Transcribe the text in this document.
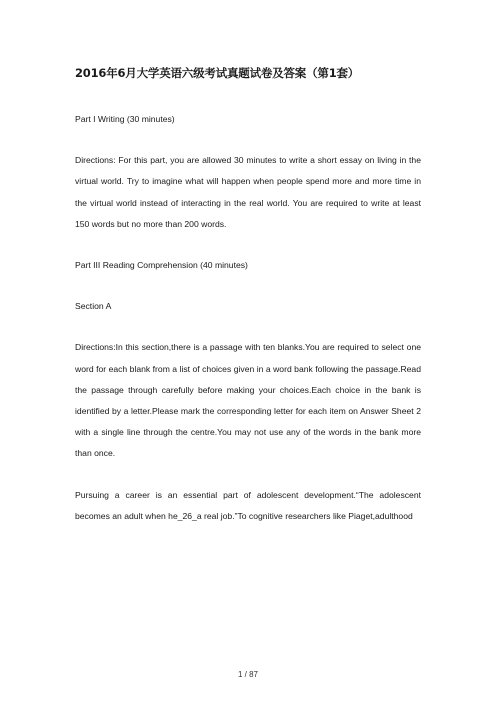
2016年6月大学英语六级考试真题试卷及答案（第1套）

Part I Writing (30 minutes)

Directions: For this part, you are allowed 30 minutes to write a short essay on living in the virtual world. Try to imagine what will happen when people spend more and more time in the virtual world instead of interacting in the real world. You are required to write at least 150 words but no more than 200 words.

Part III Reading Comprehension (40 minutes)

Section A

Directions:In this section,there is a passage with ten blanks.You are required to select one word for each blank from a list of choices given in a word bank following the passage.Read the passage through carefully before making your choices.Each choice in the bank is identified by a letter.Please mark the corresponding letter for each item on Answer Sheet 2 with a single line through the centre.You may not use any of the words in the bank more than once.

Pursuing a career is an essential part of adolescent development.“The adolescent becomes an adult when he_26_a real job.”To cognitive researchers like Piaget,adulthood

1 / 87
